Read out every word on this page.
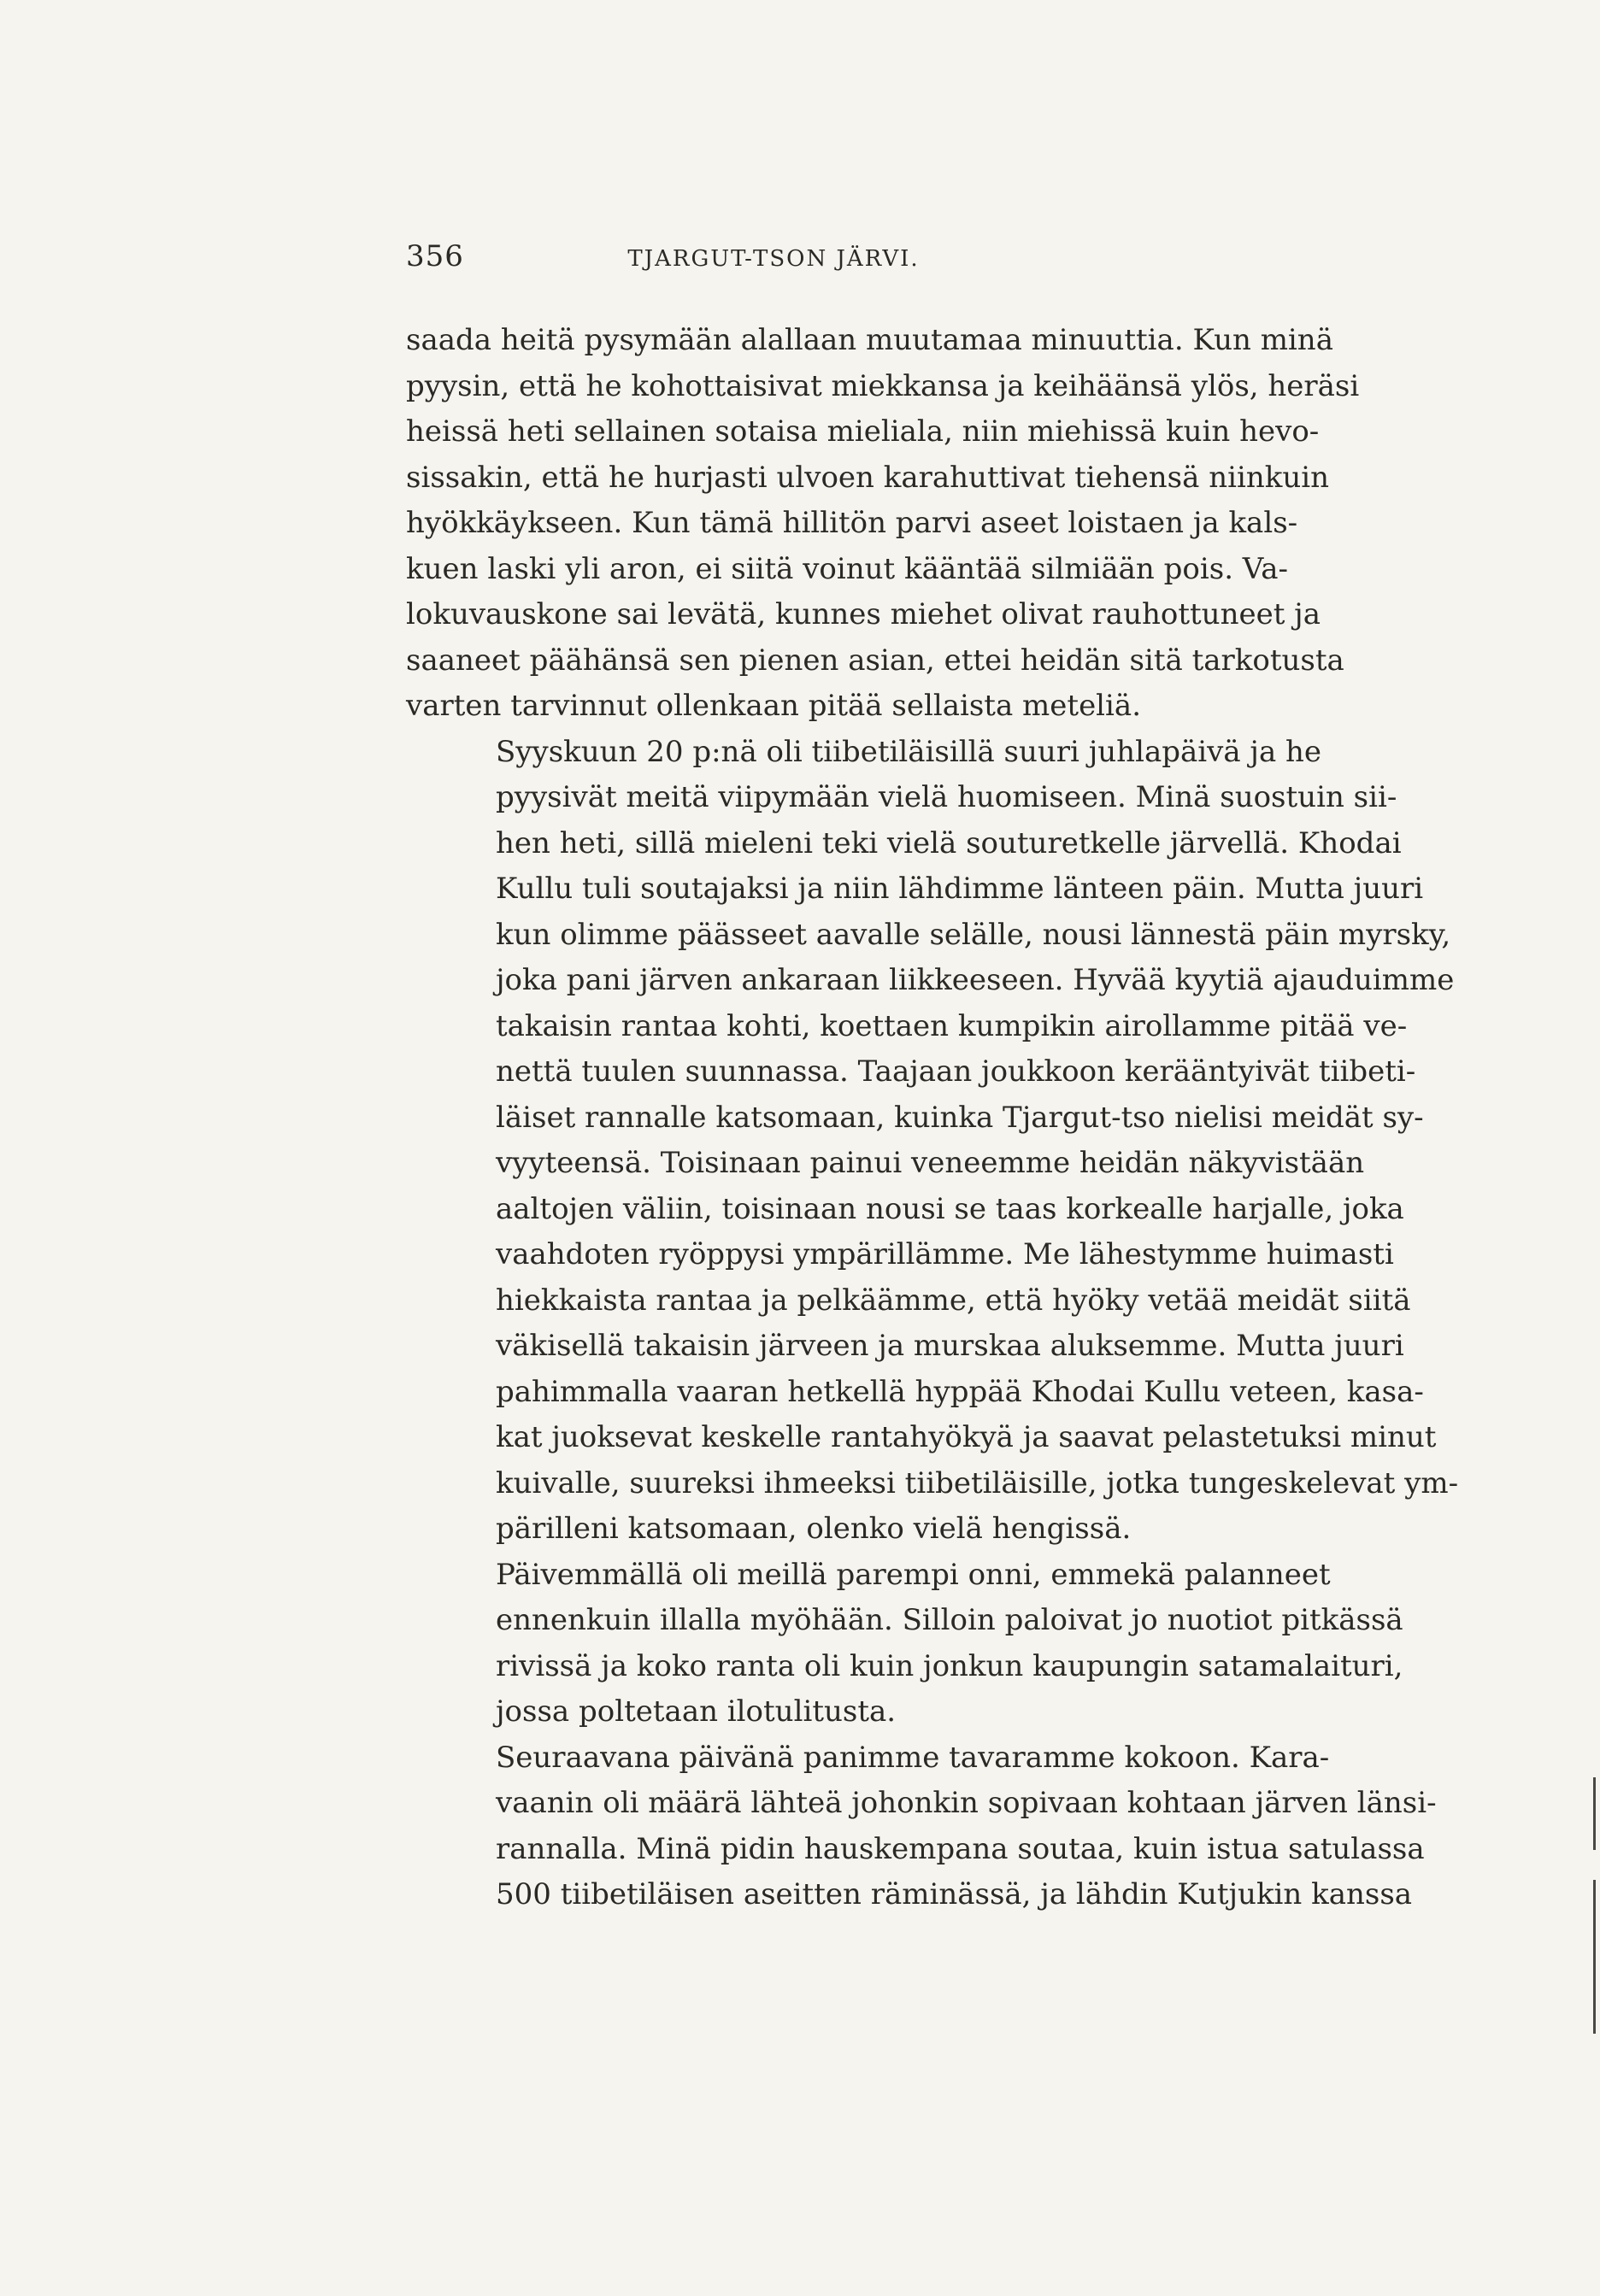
356	TJARGUT-TSON JÄRVI.
saada heitä pysymään alallaan muutamaa minuuttia. Kun minä
pyysin, että he kohottaisivat miekkansa ja keihäänsä ylös, heräsi
heissä heti sellainen sotaisa mieliala, niin miehissä kuin hevo-
sissakin, että he hurjasti ulvoen karahuttivat tiehensä niinkuin
hyökkäykseen. Kun tämä hillitön parvi aseet loistaen ja kals-
kuen laski yli aron, ei siitä voinut kääntää silmiään pois. Va-
lokuvauskone sai levätä, kunnes miehet olivat rauhottuneet ja
saaneet päähänsä sen pienen asian, ettei heidän sitä tarkotusta
varten tarvinnut ollenkaan pitää sellaista meteliä.
Syyskuun 20 p:nä oli tiibetiläisillä suuri juhlapäivä ja he
pyysivät meitä viipymään vielä huomiseen. Minä suostuin sii-
hen heti, sillä mieleni teki vielä souturetkelle järvellä. Khodai
Kullu tuli soutajaksi ja niin lähdimme länteen päin. Mutta juuri
kun olimme päässeet aavalle selälle, nousi lännestä päin myrsky,
joka pani järven ankaraan liikkeeseen. Hyvää kyytiä ajauduimme
takaisin rantaa kohti, koettaen kumpikin airollamme pitää ve-
nettä tuulen suunnassa. Taajaan joukkoon kerääntyivät tiibeti-
läiset rannalle katsomaan, kuinka Tjargut-tso nielisi meidät sy-
vyyteensä. Toisinaan painui veneemme heidän näkyvistään
aaltojen väliin, toisinaan nousi se taas korkealle harjalle, joka
vaahdoten ryöppysi ympärillämme. Me lähestymme huimasti
hiekkaista rantaa ja pelkäämme, että hyöky vetää meidät siitä
väkisellä takaisin järveen ja murskaa aluksemme. Mutta juuri
pahimmalla vaaran hetkellä hyppää Khodai Kullu veteen, kasa-
kat juoksevat keskelle rantahyökyä ja saavat pelastetuksi minut
kuivalle, suureksi ihmeeksi tiibetiläisille, jotka tungeskelevat ym-
pärilleni katsomaan, olenko vielä hengissä.
Päivemmällä oli meillä parempi onni, emmekä palanneet
ennenkuin illalla myöhään. Silloin paloivat jo nuotiot pitkässä
rivissä ja koko ranta oli kuin jonkun kaupungin satamalaituri,
jossa poltetaan ilotulitusta.
Seuraavana päivänä panimme tavaramme kokoon. Kara-
vaanin oli määrä lähteä johonkin sopivaan kohtaan järven länsi-
rannalla. Minä pidin hauskempana soutaa, kuin istua satulassa
500 tiibetiläisen aseitten räminässä, ja lähdin Kutjukin kanssa
